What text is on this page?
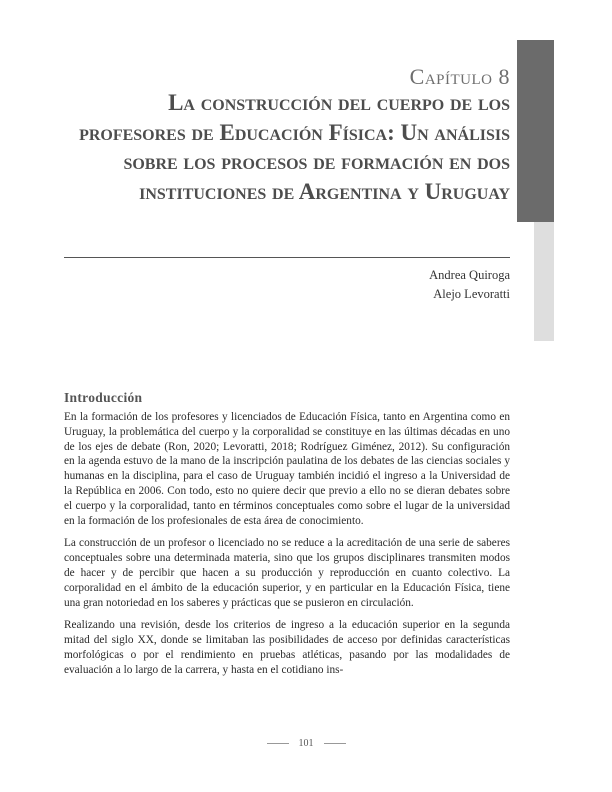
Capítulo 8
La construcción del cuerpo de los profesores de Educación Física: Un análisis sobre los procesos de formación en dos instituciones de Argentina y Uruguay
Andrea Quiroga
Alejo Levoratti
Introducción

En la formación de los profesores y licenciados de Educación Física, tanto en Argentina como en Uruguay, la problemática del cuerpo y la corporalidad se constituye en las últimas décadas en uno de los ejes de debate (Ron, 2020; Levoratti, 2018; Rodríguez Giménez, 2012). Su configuración en la agenda estuvo de la mano de la inscripción paulatina de los debates de las ciencias sociales y humanas en la disciplina, para el caso de Uruguay también incidió el ingreso a la Universidad de la República en 2006. Con todo, esto no quiere decir que previo a ello no se dieran debates sobre el cuerpo y la corporalidad, tanto en términos conceptuales como sobre el lugar de la universidad en la formación de los profesionales de esta área de conocimiento.

La construcción de un profesor o licenciado no se reduce a la acreditación de una serie de saberes conceptuales sobre una determinada materia, sino que los grupos disciplinares transmiten modos de hacer y de percibir que hacen a su producción y reproducción en cuanto colectivo. La corporalidad en el ámbito de la educación superior, y en particular en la Educación Física, tiene una gran notoriedad en los saberes y prácticas que se pusieron en circulación.

Realizando una revisión, desde los criterios de ingreso a la educación superior en la segunda mitad del siglo XX, donde se limitaban las posibilidades de acceso por definidas características morfológicas o por el rendimiento en pruebas atléticas, pasando por las modalidades de evaluación a lo largo de la carrera, y hasta en el cotidiano ins-

101
